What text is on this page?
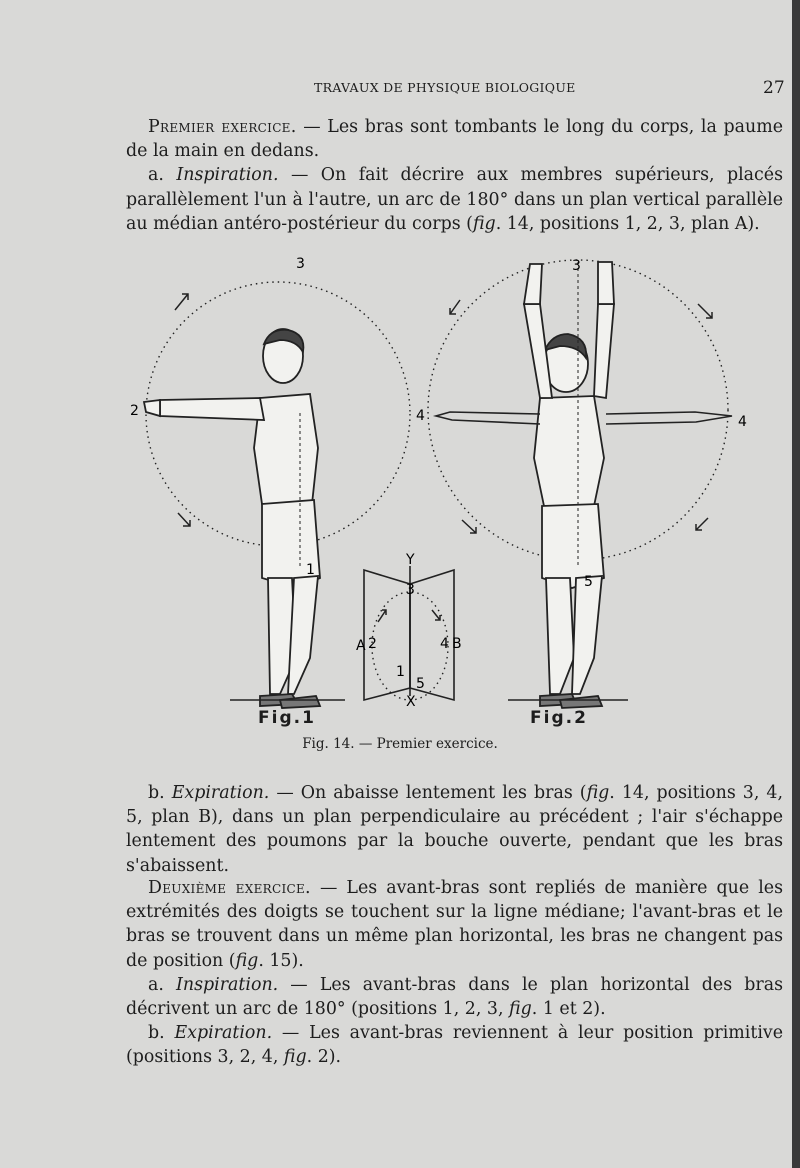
TRAVAUX DE PHYSIQUE BIOLOGIQUE	27

Premier exercice. — Les bras sont tombants le long du corps, la paume de la main en dedans.

a. Inspiration. — On fait décrire aux membres supérieurs, placés parallèlement l'un à l'autre, un arc de 180° dans un plan vertical parallèle au médian antéro-postérieur du corps (fig. 14, positions 1, 2, 3, plan A).

3
2
1
3
4	4
5
Y
3
A 2	4 B
1
5
X
Fig.1	Fig.2
Fig. 14. — Premier exercice.

b. Expiration. — On abaisse lentement les bras (fig. 14, positions 3, 4, 5, plan B), dans un plan perpendiculaire au précédent ; l'air s'échappe lentement des poumons par la bouche ouverte, pendant que les bras s'abaissent.

Deuxième exercice. — Les avant-bras sont repliés de manière que les extrémités des doigts se touchent sur la ligne médiane; l'avant-bras et le bras se trouvent dans un même plan horizontal, les bras ne changent pas de position (fig. 15).

a. Inspiration. — Les avant-bras dans le plan horizontal des bras décrivent un arc de 180° (positions 1, 2, 3, fig. 1 et 2).

b. Expiration. — Les avant-bras reviennent à leur position primitive (positions 3, 2, 4, fig. 2).
